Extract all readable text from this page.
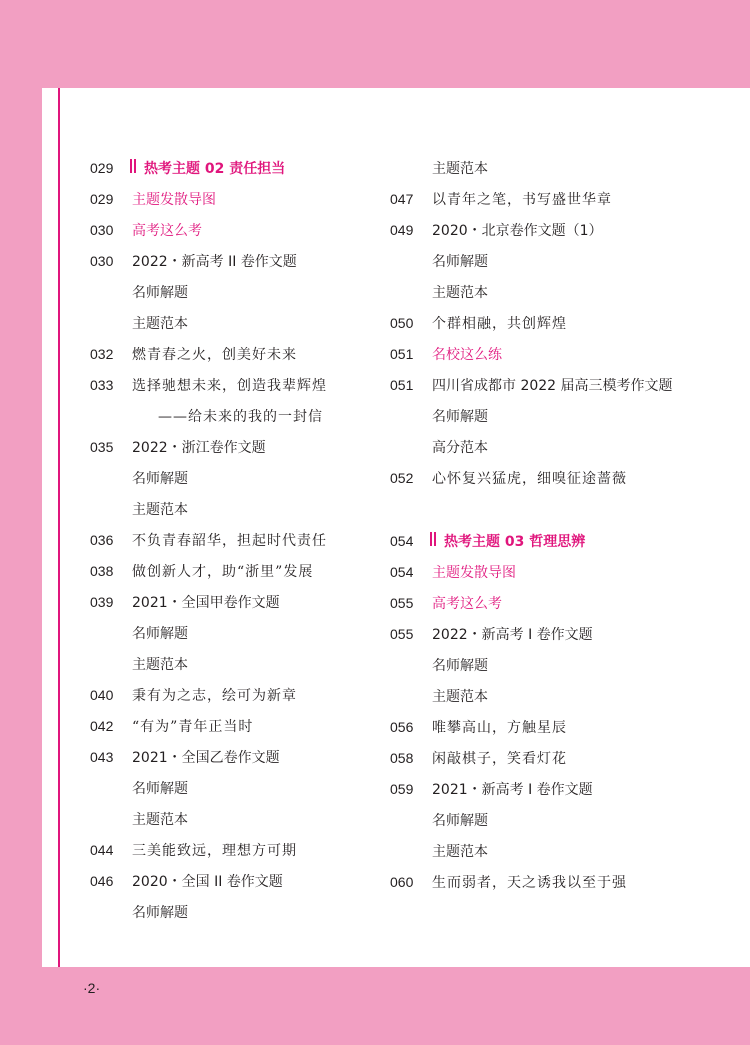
029	热考主题 02 责任担当
029	主题发散导图
030	高考这么考
030	2022・新高考 II 卷作文题
名师解题
主题范本
032	燃青春之火，创美好未来
033	选择驰想未来，创造我辈辉煌
——给未来的我的一封信
035	2022・浙江卷作文题
名师解题
主题范本
036	不负青春韶华，担起时代责任
038	做创新人才，助“浙里”发展
039	2021・全国甲卷作文题
名师解题
主题范本
040	秉有为之志，绘可为新章
042	“有为”青年正当时
043	2021・全国乙卷作文题
名师解题
主题范本
044	三美能致远，理想方可期
046	2020・全国 II 卷作文题
名师解题
主题范本
047	以青年之笔，书写盛世华章
049	2020・北京卷作文题（1）
名师解题
主题范本
050	个群相融，共创辉煌
051	名校这么练
051	四川省成都市 2022 届高三模考作文题
名师解题
高分范本
052	心怀复兴猛虎，细嗅征途蔷薇
054	热考主题 03 哲理思辨
054	主题发散导图
055	高考这么考
055	2022・新高考 I 卷作文题
名师解题
主题范本
056	唯攀高山，方触星辰
058	闲敲棋子，笑看灯花
059	2021・新高考 I 卷作文题
名师解题
主题范本
060	生而弱者，天之诱我以至于强
·2·
